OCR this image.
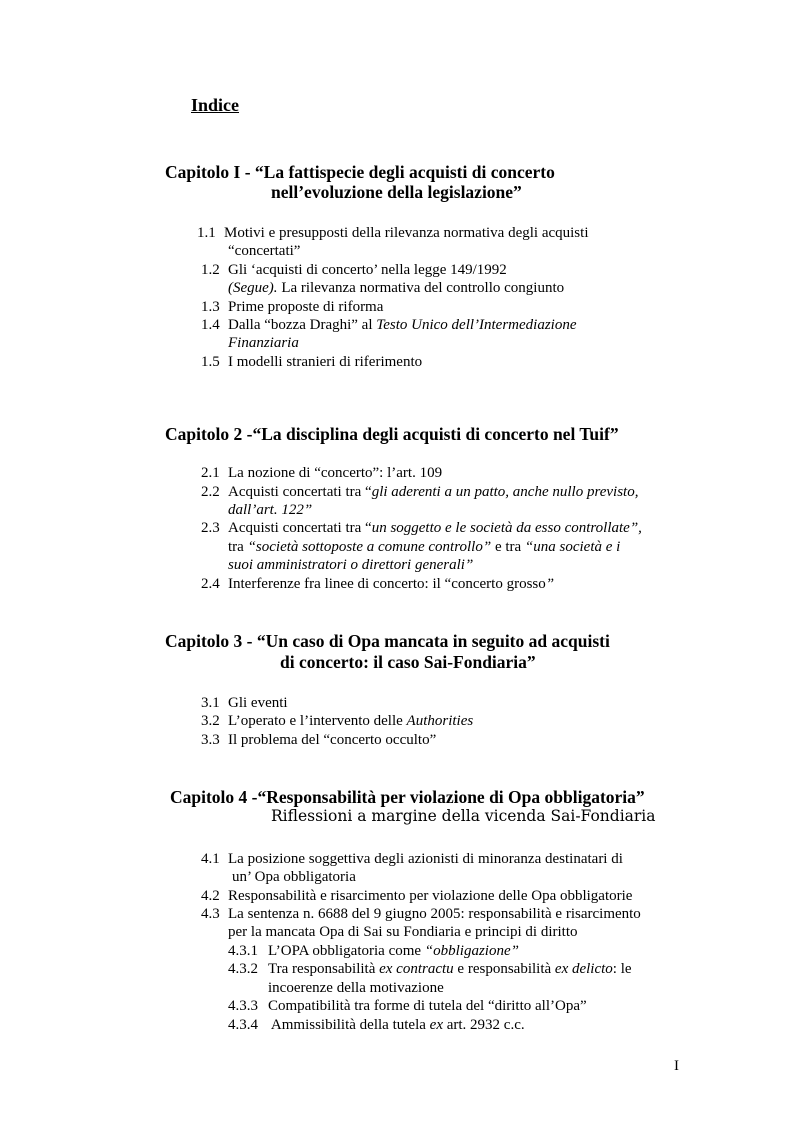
Indice
Capitolo I - “La fattispecie degli acquisti di concerto
nell’evoluzione della legislazione”
1.1 Motivi e presupposti della rilevanza normativa degli acquisti
“concertati”
1.2 Gli ‘acquisti di concerto’ nella legge 149/1992
(Segue). La rilevanza normativa del controllo congiunto
1.3 Prime proposte di riforma
1.4 Dalla “bozza Draghi” al Testo Unico dell’Intermediazione
Finanziaria
1.5 I modelli stranieri di riferimento
Capitolo 2 -“La disciplina degli acquisti di concerto nel Tuif”
2.1 La nozione di “concerto”: l’art. 109
2.2 Acquisti concertati tra “gli aderenti a un patto, anche nullo previsto,
dall’art. 122”
2.3 Acquisti concertati tra “un soggetto e le società da esso controllate”,
tra “società sottoposte a comune controllo” e tra “una società e i
suoi amministratori o direttori generali”
2.4 Interferenze fra linee di concerto: il “concerto grosso”
Capitolo 3 - “Un caso di Opa mancata in seguito ad acquisti
di concerto: il caso Sai-Fondiaria”
3.1 Gli eventi
3.2 L’operato e l’intervento delle Authorities
3.3 Il problema del “concerto occulto”
Capitolo 4 -“Responsabilità per violazione di Opa obbligatoria”
Riflessioni a margine della vicenda Sai-Fondiaria
4.1 La posizione soggettiva degli azionisti di minoranza destinatari di
un’ Opa obbligatoria
4.2 Responsabilità e risarcimento per violazione delle Opa obbligatorie
4.3 La sentenza n. 6688 del 9 giugno 2005: responsabilità e risarcimento
per la mancata Opa di Sai su Fondiaria e principi di diritto
4.3.1 L’OPA obbligatoria come “obbligazione”
4.3.2 Tra responsabilità ex contractu e responsabilità ex delicto: le
incoerenze della motivazione
4.3.3 Compatibilità tra forme di tutela del “diritto all’Opa”
4.3.4 Ammissibilità della tutela ex art. 2932 c.c.
I
